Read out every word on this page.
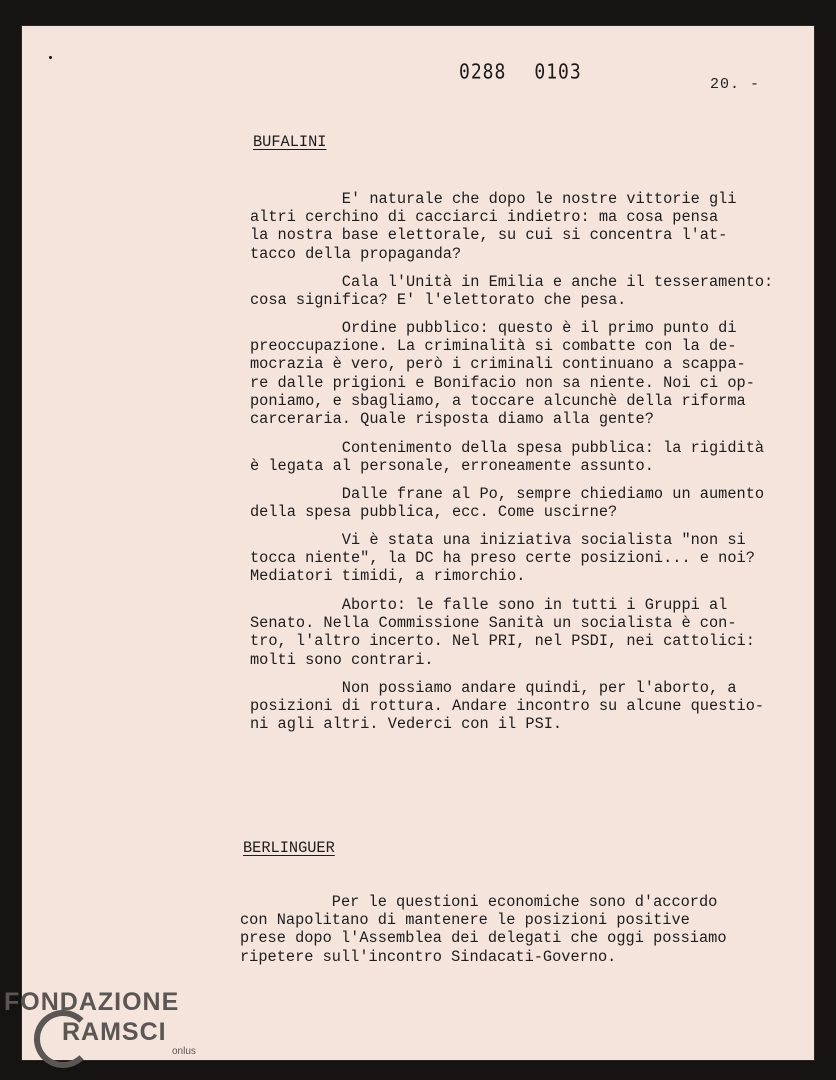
0288 0103
20. -
BUFALINI
E' naturale che dopo le nostre vittorie gli
altri cerchino di cacciarci indietro: ma cosa pensa
la nostra base elettorale, su cui si concentra l'at-
tacco della propaganda?
Cala l'Unità in Emilia e anche il tesseramento:
cosa significa? E' l'elettorato che pesa.
Ordine pubblico: questo è il primo punto di
preoccupazione. La criminalità si combatte con la de-
mocrazia è vero, però i criminali continuano a scappa-
re dalle prigioni e Bonifacio non sa niente. Noi ci op-
poniamo, e sbagliamo, a toccare alcunchè della riforma
carceraria. Quale risposta diamo alla gente?
Contenimento della spesa pubblica: la rigidità
è legata al personale, erroneamente assunto.
Dalle frane al Po, sempre chiediamo un aumento
della spesa pubblica, ecc. Come uscirne?
Vi è stata una iniziativa socialista "non si
tocca niente", la DC ha preso certe posizioni... e noi?
Mediatori timidi, a rimorchio.
Aborto: le falle sono in tutti i Gruppi al
Senato. Nella Commissione Sanità un socialista è con-
tro, l'altro incerto. Nel PRI, nel PSDI, nei cattolici:
molti sono contrari.
Non possiamo andare quindi, per l'aborto, a
posizioni di rottura. Andare incontro su alcune questio-
ni agli altri. Vederci con il PSI.
BERLINGUER
Per le questioni economiche sono d'accordo
con Napolitano di mantenere le posizioni positive
prese dopo l'Assemblea dei delegati che oggi possiamo
ripetere sull'incontro Sindacati-Governo.
FONDAZIONE
RAMSCI
onlus
